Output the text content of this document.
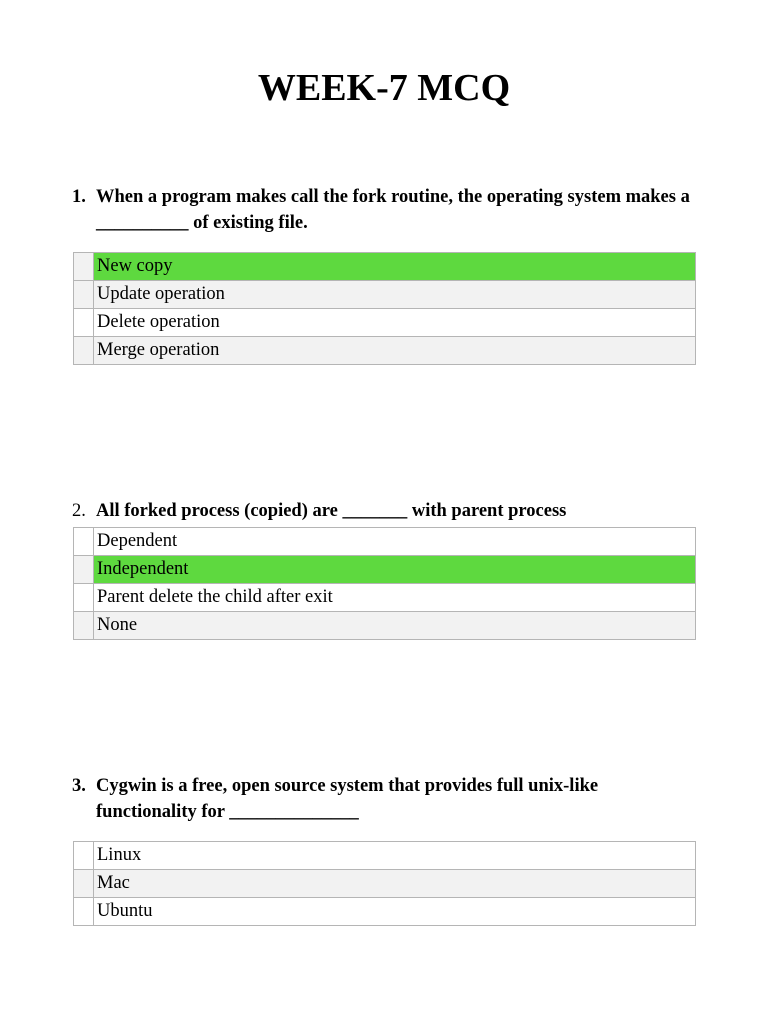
WEEK-7 MCQ
1. When a program makes call the fork routine, the operating system makes a __________ of existing file.
	New copy
	Update operation
	Delete operation
	Merge operation
2. All forked process (copied) are _______ with parent process
	Dependent
	Independent
	Parent delete the child after exit
	None
3. Cygwin is a free, open source system that provides full unix-like functionality for ______________
	Linux
	Mac
	Ubuntu
